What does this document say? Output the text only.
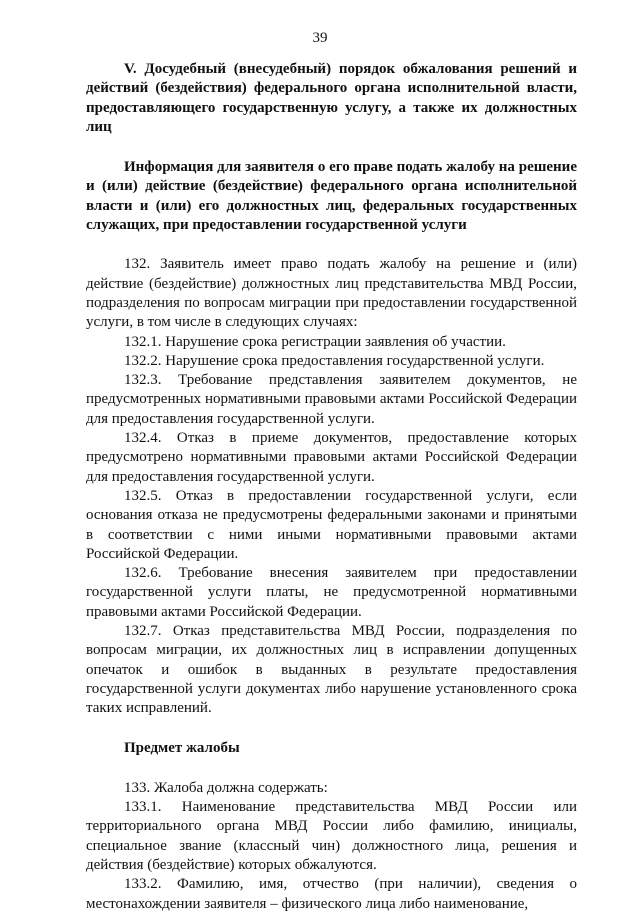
39

V. Досудебный (внесудебный) порядок обжалования решений и действий (бездействия) федерального органа исполнительной власти, предоставляющего государственную услугу, а также их должностных лиц

Информация для заявителя о его праве подать жалобу на решение и (или) действие (бездействие) федерального органа исполнительной власти и (или) его должностных лиц, федеральных государственных служащих, при предоставлении государственной услуги

132. Заявитель имеет право подать жалобу на решение и (или) действие (бездействие) должностных лиц представительства МВД России, подразделения по вопросам миграции при предоставлении государственной услуги, в том числе в следующих случаях:

132.1. Нарушение срока регистрации заявления об участии.

132.2. Нарушение срока предоставления государственной услуги.

132.3. Требование представления заявителем документов, не предусмотренных нормативными правовыми актами Российской Федерации для предоставления государственной услуги.

132.4. Отказ в приеме документов, предоставление которых предусмотрено нормативными правовыми актами Российской Федерации для предоставления государственной услуги.

132.5. Отказ в предоставлении государственной услуги, если основания отказа не предусмотрены федеральными законами и принятыми в соответствии с ними иными нормативными правовыми актами Российской Федерации.

132.6. Требование внесения заявителем при предоставлении государственной услуги платы, не предусмотренной нормативными правовыми актами Российской Федерации.

132.7. Отказ представительства МВД России, подразделения по вопросам миграции, их должностных лиц в исправлении допущенных опечаток и ошибок в выданных в результате предоставления государственной услуги документах либо нарушение установленного срока таких исправлений.

Предмет жалобы

133. Жалоба должна содержать:

133.1. Наименование представительства МВД России или территориального органа МВД России либо фамилию, инициалы, специальное звание (классный чин) должностного лица, решения и действия (бездействие) которых обжалуются.

133.2. Фамилию, имя, отчество (при наличии), сведения о местонахождении заявителя – физического лица либо наименование,
